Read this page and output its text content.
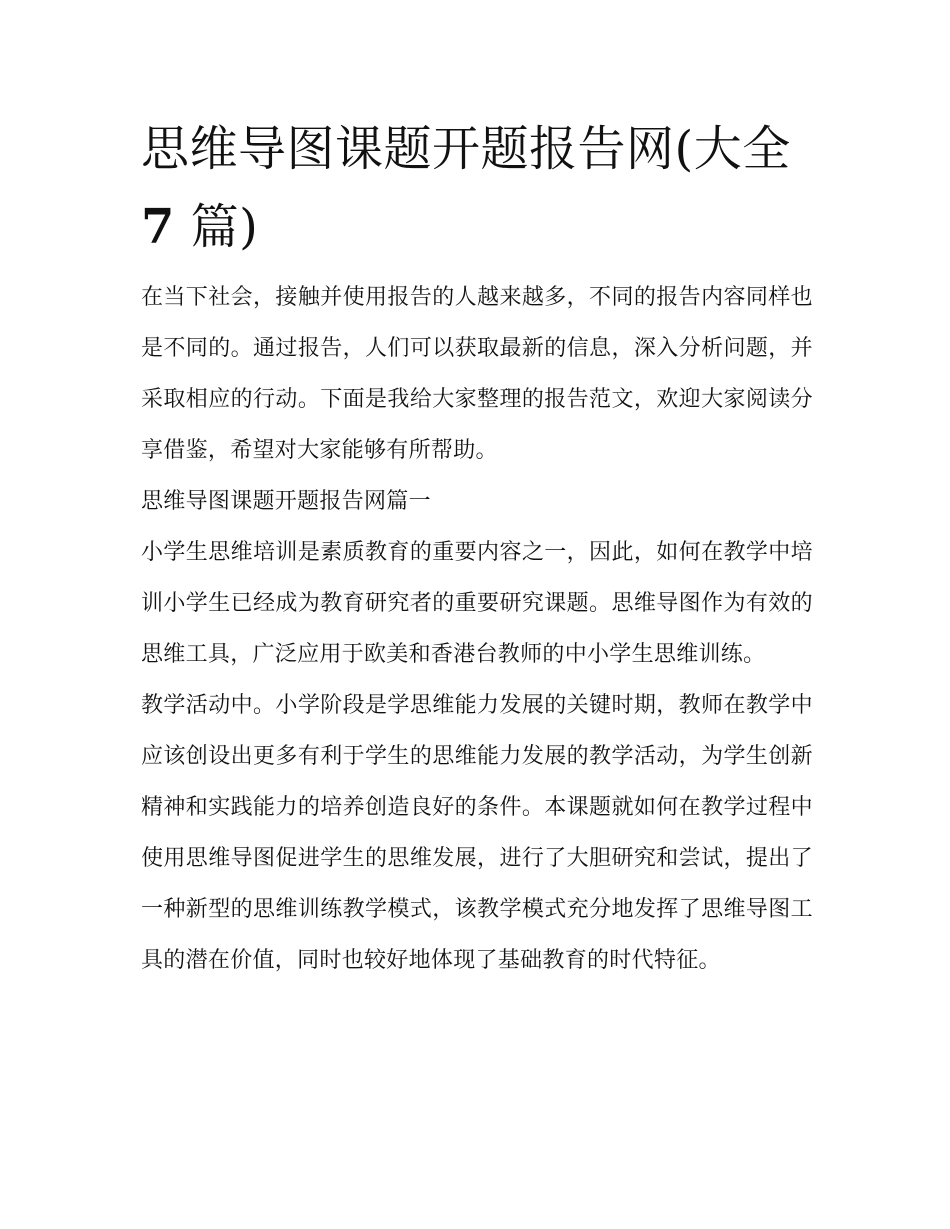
思维导图课题开题报告网(大全
7 篇)

在当下社会，接触并使用报告的人越来越多，不同的报告内容同样也是不同的。通过报告，人们可以获取最新的信息，深入分析问题，并采取相应的行动。下面是我给大家整理的报告范文，欢迎大家阅读分享借鉴，希望对大家能够有所帮助。

思维导图课题开题报告网篇一

小学生思维培训是素质教育的重要内容之一，因此，如何在教学中培训小学生已经成为教育研究者的重要研究课题。思维导图作为有效的思维工具，广泛应用于欧美和香港台教师的中小学生思维训练。

教学活动中。小学阶段是学思维能力发展的关键时期，教师在教学中应该创设出更多有利于学生的思维能力发展的教学活动，为学生创新精神和实践能力的培养创造良好的条件。本课题就如何在教学过程中使用思维导图促进学生的思维发展，进行了大胆研究和尝试，提出了一种新型的思维训练教学模式，该教学模式充分地发挥了思维导图工具的潜在价值，同时也较好地体现了基础教育的时代特征。
